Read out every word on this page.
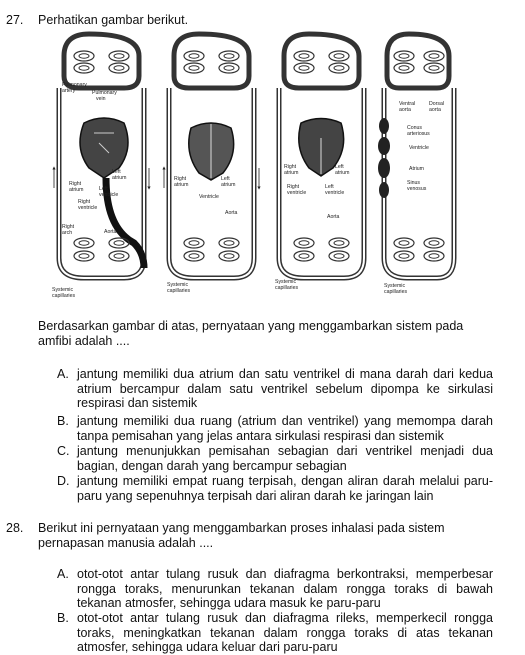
27. Perhatikan gambar berikut.
Pulmonary
artery	Pulmonary
vein
Left
atrium
Right
atrium	Left
ventricle
Right
ventricle
Right
arch	Aorta
Systemic
capillaries
Right
atrium
Left
atrium
Ventricle
Aorta
Systemic
capillaries
Right
atrium
Left
atrium
Right
ventricle
Left
ventricle
Aorta
Systemic
capillaries
Ventral
aorta
Dorsal
aorta
Conus
arteriosus
Ventricle
Atrium
Sinus
venosus
Systemic
capillaries
Berdasarkan gambar di atas, pernyataan yang menggambarkan sistem pada
amfibi adalah ....
A. jantung memiliki dua atrium dan satu ventrikel di mana darah dari kedua atrium bercampur dalam satu ventrikel sebelum dipompa ke sirkulasi respirasi dan sistemik
B. jantung memiliki dua ruang (atrium dan ventrikel) yang memompa darah tanpa pemisahan yang jelas antara sirkulasi respirasi dan sistemik
C. jantung menunjukkan pemisahan sebagian dari ventrikel menjadi dua bagian, dengan darah yang bercampur sebagian
D. jantung memiliki empat ruang terpisah, dengan aliran darah melalui paru-paru yang sepenuhnya terpisah dari aliran darah ke jaringan lain
28. Berikut ini pernyataan yang menggambarkan proses inhalasi pada sistem
pernapasan manusia adalah ....
A. otot-otot antar tulang rusuk dan diafragma berkontraksi, memperbesar rongga toraks, menurunkan tekanan dalam rongga toraks di bawah tekanan atmosfer, sehingga udara masuk ke paru-paru
B. otot-otot antar tulang rusuk dan diafragma rileks, memperkecil rongga toraks, meningkatkan tekanan dalam rongga toraks di atas tekanan atmosfer, sehingga udara keluar dari paru-paru
